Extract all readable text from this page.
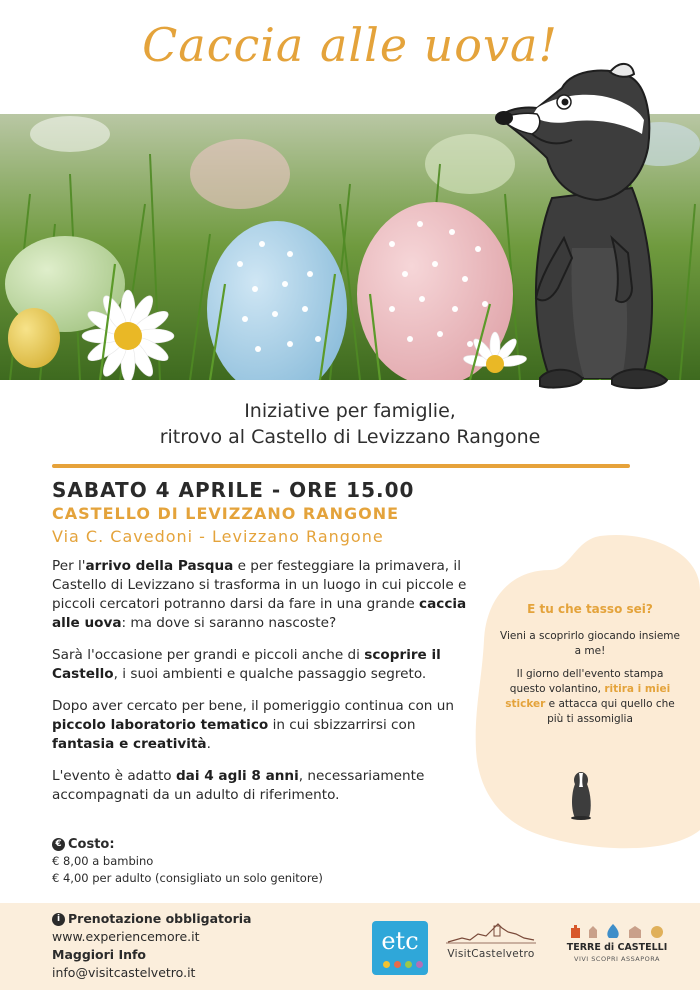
Caccia alle uova!
Iniziative per famiglie,
ritrovo al Castello di Levizzano Rangone
SABATO 4 APRILE - ORE 15.00
CASTELLO DI LEVIZZANO RANGONE
Via C. Cavedoni - Levizzano Rangone

Per l'arrivo della Pasqua e per festeggiare la primavera, il Castello di Levizzano si trasforma in un luogo in cui piccole e piccoli cercatori potranno darsi da fare in una grande caccia alle uova: ma dove si saranno nascoste?

Sarà l'occasione per grandi e piccoli anche di scoprire il Castello, i suoi ambienti e qualche passaggio segreto.

Dopo aver cercato per bene, il pomeriggio continua con un piccolo laboratorio tematico in cui sbizzarrirsi con fantasia e creatività.

L'evento è adatto dai 4 agli 8 anni, necessariamente accompagnati da un adulto di riferimento.

€ Costo:
€ 8,00 a bambino
€ 4,00 per adulto (consigliato un solo genitore)
E tu che tasso sei?

Vieni a scoprirlo giocando insieme a me!

Il giorno dell'evento stampa questo volantino, ritira i miei sticker e attacca qui quello che più ti assomiglia

i Prenotazione obbligatoria
www.experiencemore.it
Maggiori Info
info@visitcastelvetro.it
etc	VisitCastelvetro
TERRE di CASTELLI
VIVI SCOPRI ASSAPORA
